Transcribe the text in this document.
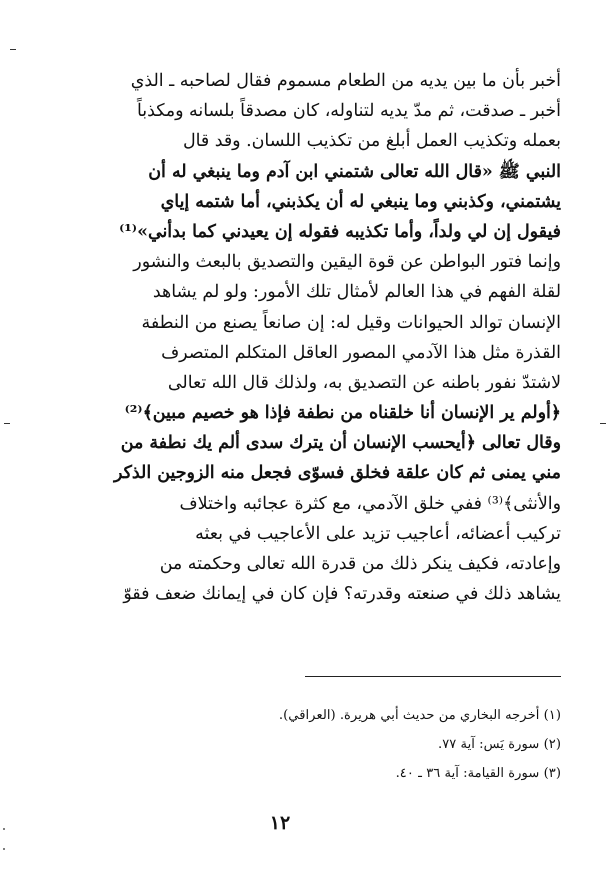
أخبر بأن ما بين يديه من الطعام مسموم فقال لصاحبه ـ الذي
أخبر ـ صدقت، ثم مدّ يديه لتناوله، كان مصدقاً بلسانه ومكذباً
بعمله وتكذيب العمل أبلغ من تكذيب اللسان. وقد قال
النبي ﷺ «قال الله تعالى شتمني ابن آدم وما ينبغي له أن
يشتمني، وكذبني وما ينبغي له أن يكذبني، أما شتمه إياي
فيقول إن لي ولداً، وأما تكذيبه فقوله إن يعيدني كما بدأني»⁽¹⁾
وإنما فتور البواطن عن قوة اليقين والتصديق بالبعث والنشور
لقلة الفهم في هذا العالم لأمثال تلك الأمور: ولو لم يشاهد
الإنسان توالد الحيوانات وقيل له: إن صانعاً يصنع من النطفة
القذرة مثل هذا الآدمي المصور العاقل المتكلم المتصرف
لاشتدّ نفور باطنه عن التصديق به، ولذلك قال الله تعالى
﴿أولم ير الإنسان أنا خلقناه من نطفة فإذا هو خصيم مبين﴾⁽²⁾
وقال تعالى ﴿أيحسب الإنسان أن يترك سدى ألم يك نطفة من
مني يمنى ثم كان علقة فخلق فسوّى فجعل منه الزوجين الذكر
والأنثى﴾⁽³⁾ ففي خلق الآدمي، مع كثرة عجائبه واختلاف
تركيب أعضائه، أعاجيب تزيد على الأعاجيب في بعثه
وإعادته، فكيف ينكر ذلك من قدرة الله تعالى وحكمته من
يشاهد ذلك في صنعته وقدرته؟ فإن كان في إيمانك ضعف فقوّ
(١) أخرجه البخاري من حديث أبي هريرة. (العراقي).
(٢) سورة يَس: آية ٧٧.
(٣) سورة القيامة: آية ٣٦ ـ ٤٠.
١٢
